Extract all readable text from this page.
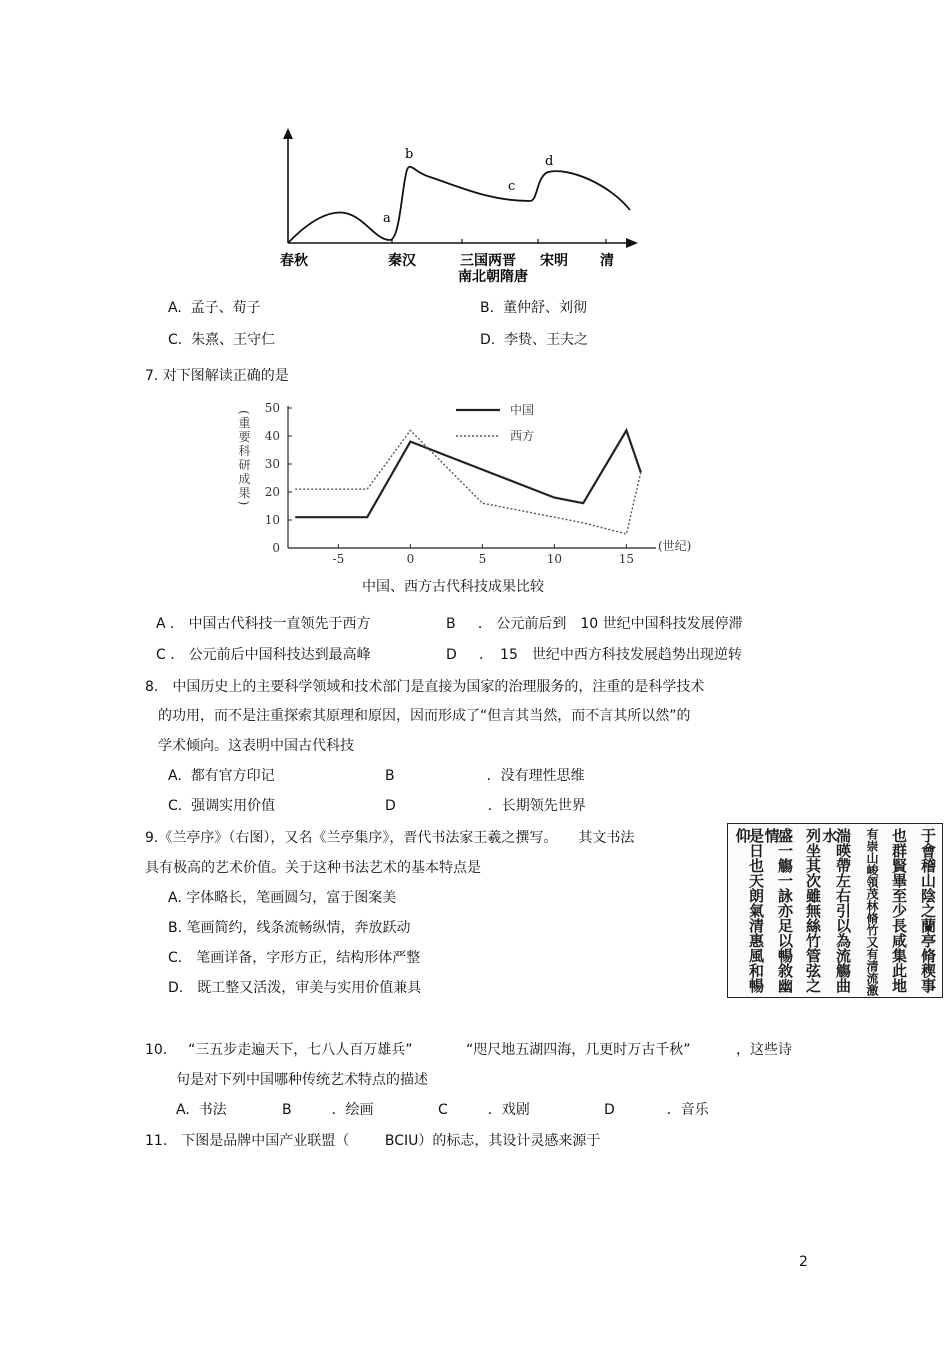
a
b
c
d
春秋	秦汉	三国两晋
南北朝隋唐
宋明 清
A. 孟子、荀子	B. 董仲舒、刘彻
C. 朱熹、王守仁	D. 李贽、王夫之
7. 对下图解读正确的是
0
10
20
30
40
50
-5	0	5	10	15
(世纪)
(重要科研成果)	中国
西方
中国、西方古代科技成果比较
A ． 中国古代科技一直领先于西方	B ． 公元前后到　10 世纪中国科技发展停滞
C ． 公元前后中国科技达到最高峰	D ．　15　世纪中西方科技发展趋势出现逆转
8.　中国历史上的主要科学领域和技术部门是直接为国家的治理服务的，注重的是科学技术
的功用，而不是注重探索其原理和原因，因而形成了“但言其当然，而不言其所以然”的
学术倾向。这表明中国古代科技
A. 都有官方印记	B	．没有理性思维
C. 强调实用价值	D	．长期领先世界
9.《兰亭序》（右图），又名《兰亭集序》，晋代书法家王羲之撰写。　　其文书法
具有极高的艺术价值。关于这种书法艺术的基本特点是
A. 字体略长，笔画圆匀，富于图案美
B. 笔画简约，线条流畅纵情，奔放跃动
C.　笔画详备，字形方正，结构形体严整
D.　既工整又活泼，审美与实用价值兼具	于會稽山陰之蘭亭脩稧事
也群賢畢至少長咸集此地
有崇山峻領茂林脩竹又有清流激
湍暎帶左右引以為流觴曲水
列坐其次雖無絲竹管弦之
盛一觴一詠亦足以暢敘幽情
是日也天朗氣清惠風和暢仰
10. “三五步走遍天下，七八人百万雄兵”	“咫尺地五湖四海，几更时万古千秋”	，这些诗
句是对下列中国哪种传统艺术特点的描述
A. 书法	B	．绘画	C	．戏剧	D	．音乐
11.　下图是品牌中国产业联盟（	BCIU）的标志，其设计灵感来源于
2
